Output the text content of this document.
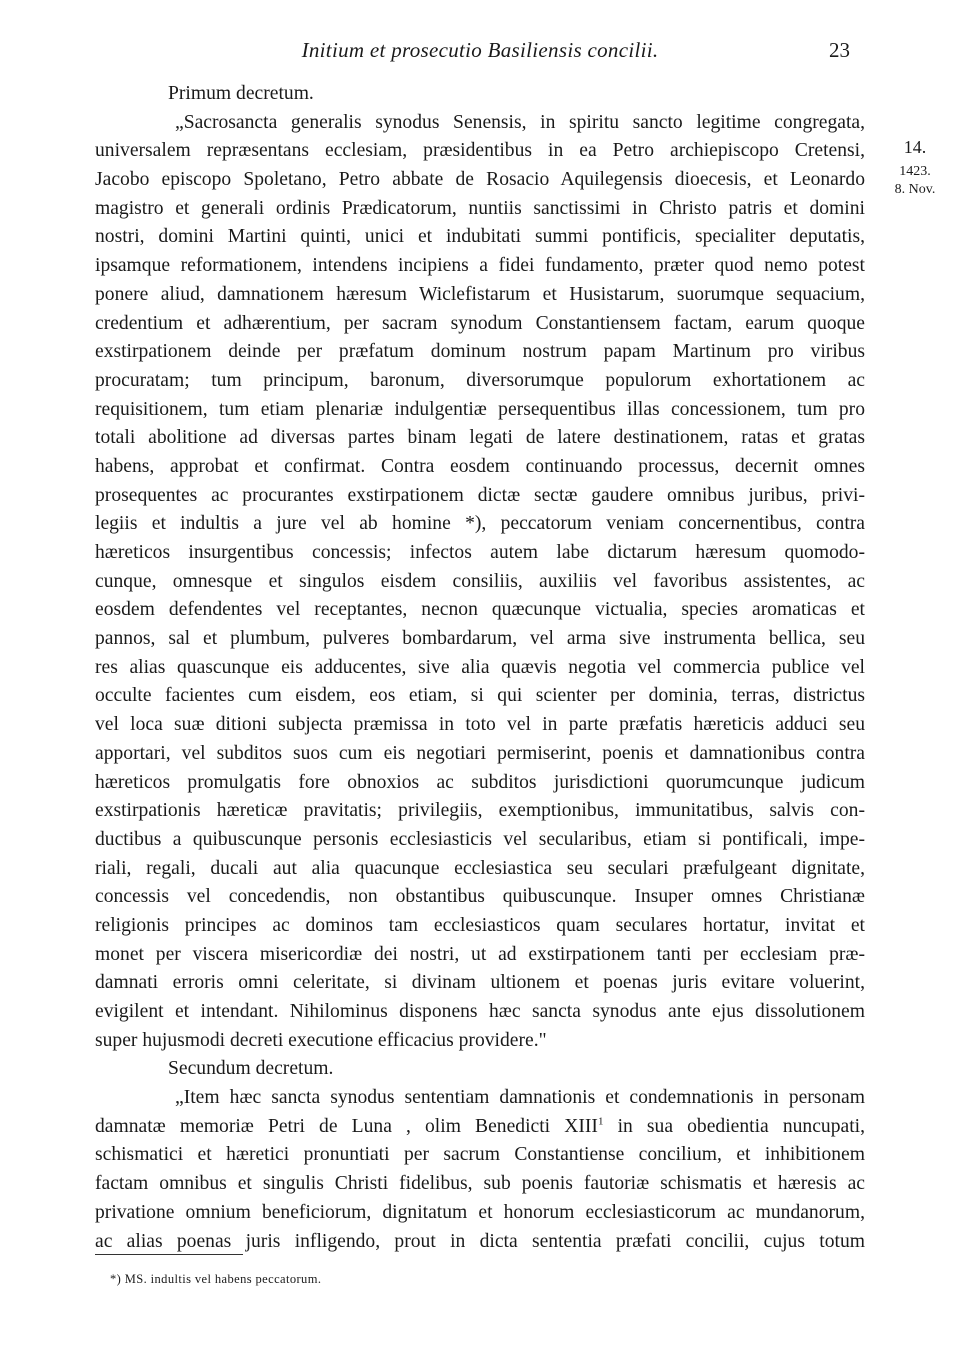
Initium et prosecutio Basiliensis concilii.	23
14.
1423.
8. Nov.
Primum decretum.
„Sacrosancta generalis synodus Senensis, in spiritu sancto legitime congregata,
universalem repræsentans ecclesiam, præsidentibus in ea Petro archiepiscopo Cretensi,
Jacobo episcopo Spoletano, Petro abbate de Rosacio Aquilegensis dioecesis, et Leonardo
magistro et generali ordinis Prædicatorum, nuntiis sanctissimi in Christo patris et domini
nostri, domini Martini quinti, unici et indubitati summi pontificis, specialiter deputatis,
ipsamque reformationem, intendens incipiens a fidei fundamento, præter quod nemo potest
ponere aliud, damnationem hæresum Wiclefistarum et Husistarum, suorumque sequacium,
credentium et adhærentium, per sacram synodum Constantiensem factam, earum quoque
exstirpationem deinde per præfatum dominum nostrum papam Martinum pro viribus
procuratam; tum principum, baronum, diversorumque populorum exhortationem ac
requisitionem, tum etiam plenariæ indulgentiæ persequentibus illas concessionem, tum pro
totali abolitione ad diversas partes binam legati de latere destinationem, ratas et gratas
habens, approbat et confirmat. Contra eosdem continuando processus, decernit omnes
prosequentes ac procurantes exstirpationem dictæ sectæ gaudere omnibus juribus, privi-
legiis et indultis a jure vel ab homine *), peccatorum veniam concernentibus, contra
hæreticos insurgentibus concessis; infectos autem labe dictarum hæresum quomodo-
cunque, omnesque et singulos eisdem consiliis, auxiliis vel favoribus assistentes, ac
eosdem defendentes vel receptantes, necnon quæcunque victualia, species aromaticas et
pannos, sal et plumbum, pulveres bombardarum, vel arma sive instrumenta bellica, seu
res alias quascunque eis adducentes, sive alia quævis negotia vel commercia publice vel
occulte facientes cum eisdem, eos etiam, si qui scienter per dominia, terras, districtus
vel loca suæ ditioni subjecta præmissa in toto vel in parte præfatis hæreticis adduci seu
apportari, vel subditos suos cum eis negotiari permiserint, poenis et damnationibus contra
hæreticos promulgatis fore obnoxios ac subditos jurisdictioni quorumcunque judicum
exstirpationis hæreticæ pravitatis; privilegiis, exemptionibus, immunitatibus, salvis con-
ductibus a quibuscunque personis ecclesiasticis vel secularibus, etiam si pontificali, impe-
riali, regali, ducali aut alia quacunque ecclesiastica seu seculari præfulgeant dignitate,
concessis vel concedendis, non obstantibus quibuscunque. Insuper omnes Christianæ
religionis principes ac dominos tam ecclesiasticos quam seculares hortatur, invitat et
monet per viscera misericordiæ dei nostri, ut ad exstirpationem tanti per ecclesiam præ-
damnati erroris omni celeritate, si divinam ultionem et poenas juris evitare voluerint,
evigilent et intendant. Nihilominus disponens hæc sancta synodus ante ejus dissolutionem
super hujusmodi decreti executione efficacius providere."
Secundum decretum.
„Item hæc sancta synodus sententiam damnationis et condemnationis in personam
damnatæ memoriæ Petri de Luna , olim Benedicti XIII$^1$ in sua obedientia nuncupati,
schismatici et hæretici pronuntiati per sacrum Constantiense concilium, et inhibitionem
factam omnibus et singulis Christi fidelibus, sub poenis fautoriæ schismatis et hæresis ac
privatione omnium beneficiorum, dignitatum et honorum ecclesiasticorum ac mundanorum,
ac alias poenas juris infligendo, prout in dicta sententia præfati concilii, cujus totum
*) MS. indultis vel habens peccatorum.
